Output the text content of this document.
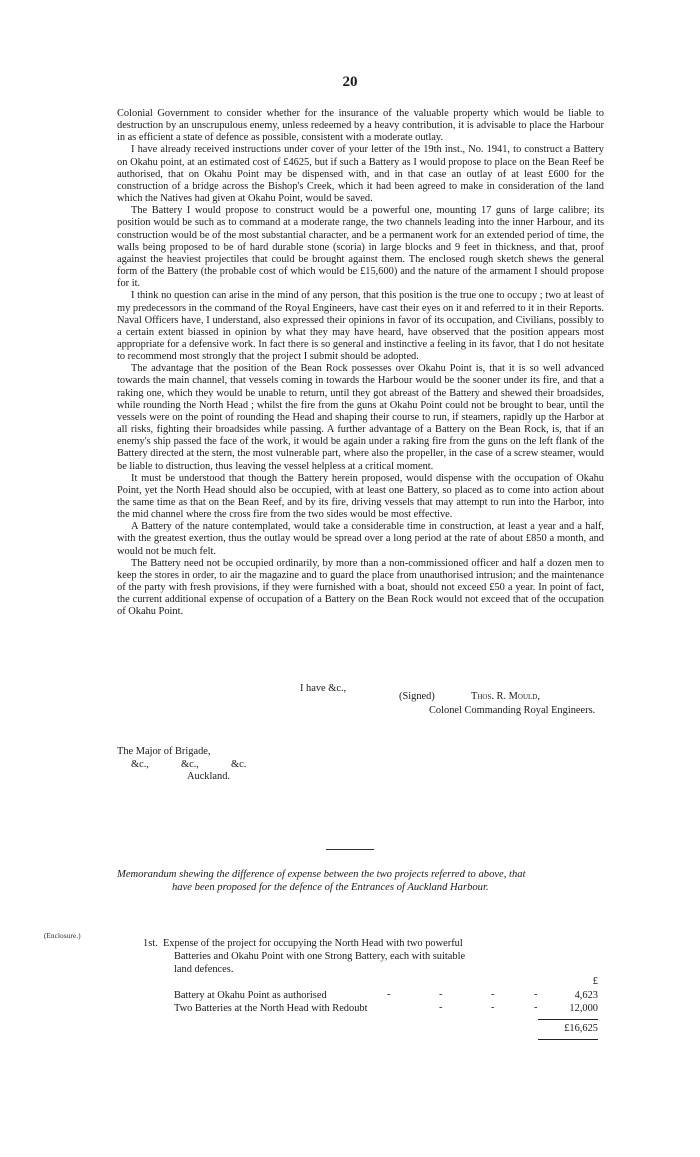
20

Colonial Government to consider whether for the insurance of the valuable property which would be liable to destruction by an unscrupulous enemy, unless redeemed by a heavy contribution, it is advisable to place the Harbour in as efficient a state of defence as possible, consistent with a moderate outlay.

I have already received instructions under cover of your letter of the 19th inst., No. 1941, to construct a Battery on Okahu point, at an estimated cost of £4625, but if such a Battery as I would propose to place on the Bean Reef be authorised, that on Okahu Point may be dispensed with, and in that case an outlay of at least £600 for the construction of a bridge across the Bishop's Creek, which it had been agreed to make in consideration of the land which the Natives had given at Okahu Point, would be saved.

The Battery I would propose to construct would be a powerful one, mounting 17 guns of large calibre; its position would be such as to command at a moderate range, the two channels leading into the inner Harbour, and its construction would be of the most substantial character, and be a permanent work for an extended period of time, the walls being proposed to be of hard durable stone (scoria) in large blocks and 9 feet in thickness, and that, proof against the heaviest projectiles that could be brought against them. The enclosed rough sketch shews the general form of the Battery (the probable cost of which would be £15,600) and the nature of the armament I should propose for it.

I think no question can arise in the mind of any person, that this position is the true one to occupy ; two at least of my predecessors in the command of the Royal Engineers, have cast their eyes on it and referred to it in their Reports. Naval Officers have, I understand, also expressed their opinions in favor of its occupation, and Civilians, possibly to a certain extent biassed in opinion by what they may have heard, have observed that the position appears most appropriate for a defensive work. In fact there is so general and instinctive a feeling in its favor, that I do not hesitate to recommend most strongly that the project I submit should be adopted.

The advantage that the position of the Bean Rock possesses over Okahu Point is, that it is so well advanced towards the main channel, that vessels coming in towards the Harbour would be the sooner under its fire, and that a raking one, which they would be unable to return, until they got abreast of the Battery and shewed their broadsides, while rounding the North Head ; whilst the fire from the guns at Okahu Point could not be brought to bear, until the vessels were on the point of rounding the Head and shaping their course to run, if steamers, rapidly up the Harbor at all risks, fighting their broadsides while passing. A further advantage of a Battery on the Bean Rock, is, that if an enemy's ship passed the face of the work, it would be again under a raking fire from the guns on the left flank of the Battery directed at the stern, the most vulnerable part, where also the propeller, in the case of a screw steamer, would be liable to distruction, thus leaving the vessel helpless at a critical moment.

It must be understood that though the Battery herein proposed, would dispense with the occupation of Okahu Point, yet the North Head should also be occupied, with at least one Battery, so placed as to come into action about the same time as that on the Bean Reef, and by its fire, driving vessels that may attempt to run into the Harbor, into the mid channel where the cross fire from the two sides would be most effective.

A Battery of the nature contemplated, would take a considerable time in construction, at least a year and a half, with the greatest exertion, thus the outlay would be spread over a long period at the rate of about £850 a month, and would not be much felt.

The Battery need not be occupied ordinarily, by more than a non-commissioned officer and half a dozen men to keep the stores in order, to air the magazine and to guard the place from unauthorised intrusion; and the maintenance of the party with fresh provisions, if they were furnished with a boat, should not exceed £50 a year. In point of fact, the current additional expense of occupation of a Battery on the Bean Rock would not exceed that of the occupation of Okahu Point.

I have &c.,
(Signed)	Thos. R. Mould,
Colonel Commanding Royal Engineers.
The Major of Brigade,
&c.,	&c.,	&c.
Auckland.
Memorandum shewing the difference of expense between the two projects referred to above, that
have been proposed for the defence of the Entrances of Auckland Harbour.
(Enclosure.)
1st. Expense of the project for occupying the North Head with two powerful
Batteries and Okahu Point with one Strong Battery, each with suitable
land defences.
£
Battery at Okahu Point as authorised	-	-	-	-	4,623
Two Batteries at the North Head with Redoubt	-	-	-	12,000
£16,625
